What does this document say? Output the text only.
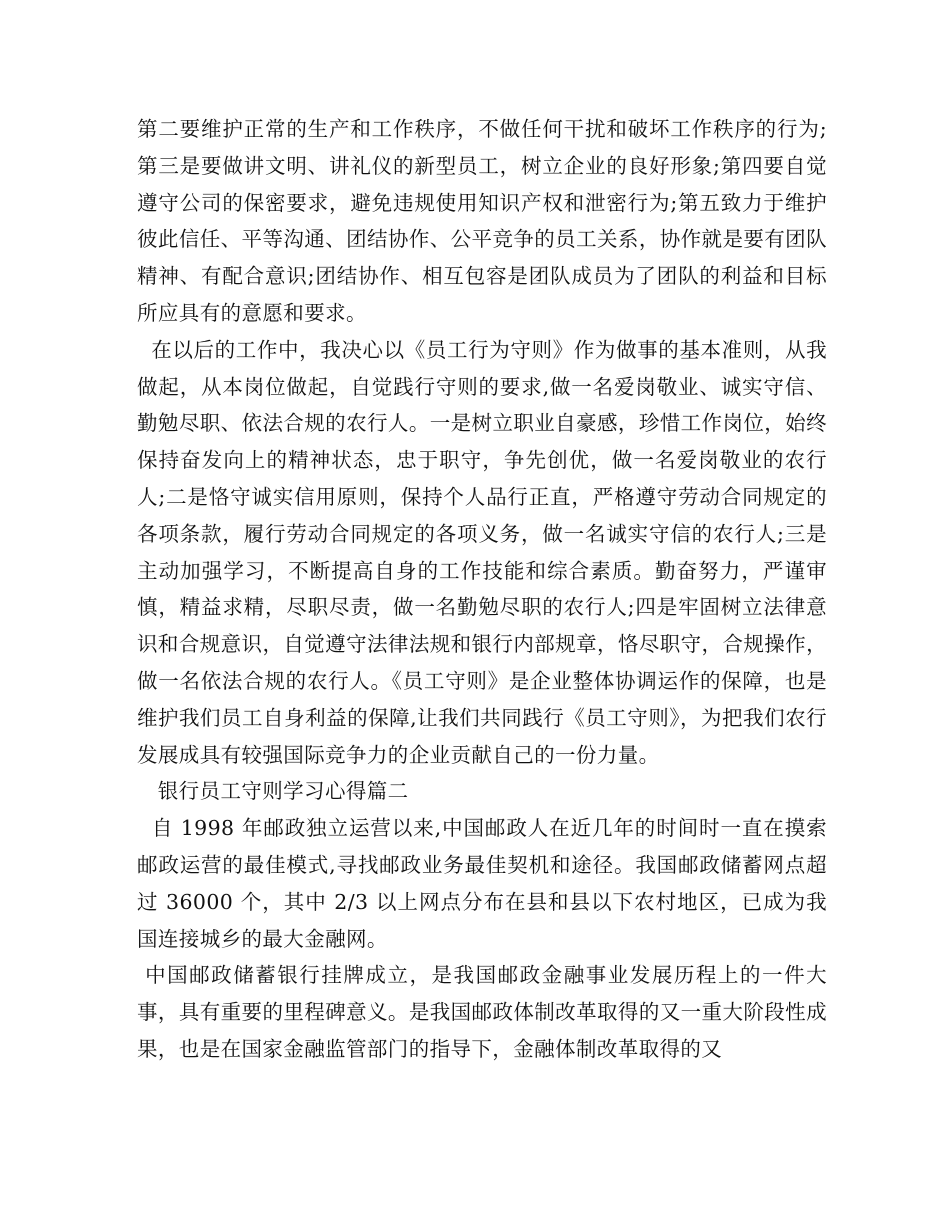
第二要维护正常的生产和工作秩序，不做任何干扰和破坏工作秩序的行为;第三是要做讲文明、讲礼仪的新型员工，树立企业的良好形象;第四要自觉遵守公司的保密要求，避免违规使用知识产权和泄密行为;第五致力于维护彼此信任、平等沟通、团结协作、公平竞争的员工关系，协作就是要有团队精神、有配合意识;团结协作、相互包容是团队成员为了团队的利益和目标所应具有的意愿和要求。

在以后的工作中，我决心以《员工行为守则》作为做事的基本准则，从我做起，从本岗位做起，自觉践行守则的要求,做一名爱岗敬业、诚实守信、勤勉尽职、依法合规的农行人。一是树立职业自豪感，珍惜工作岗位，始终保持奋发向上的精神状态，忠于职守，争先创优，做一名爱岗敬业的农行人;二是恪守诚实信用原则，保持个人品行正直，严格遵守劳动合同规定的各项条款，履行劳动合同规定的各项义务，做一名诚实守信的农行人;三是主动加强学习，不断提高自身的工作技能和综合素质。勤奋努力，严谨审慎，精益求精，尽职尽责，做一名勤勉尽职的农行人;四是牢固树立法律意识和合规意识，自觉遵守法律法规和银行内部规章，恪尽职守，合规操作，做一名依法合规的农行人。《员工守则》是企业整体协调运作的保障，也是维护我们员工自身利益的保障,让我们共同践行《员工守则》，为把我们农行发展成具有较强国际竞争力的企业贡献自己的一份力量。

银行员工守则学习心得篇二

自 1998 年邮政独立运营以来,中国邮政人在近几年的时间时一直在摸索邮政运营的最佳模式,寻找邮政业务最佳契机和途径。我国邮政储蓄网点超过 36000 个，其中 2/3 以上网点分布在县和县以下农村地区，已成为我国连接城乡的最大金融网。

中国邮政储蓄银行挂牌成立，是我国邮政金融事业发展历程上的一件大事，具有重要的里程碑意义。是我国邮政体制改革取得的又一重大阶段性成果，也是在国家金融监管部门的指导下，金融体制改革取得的又
